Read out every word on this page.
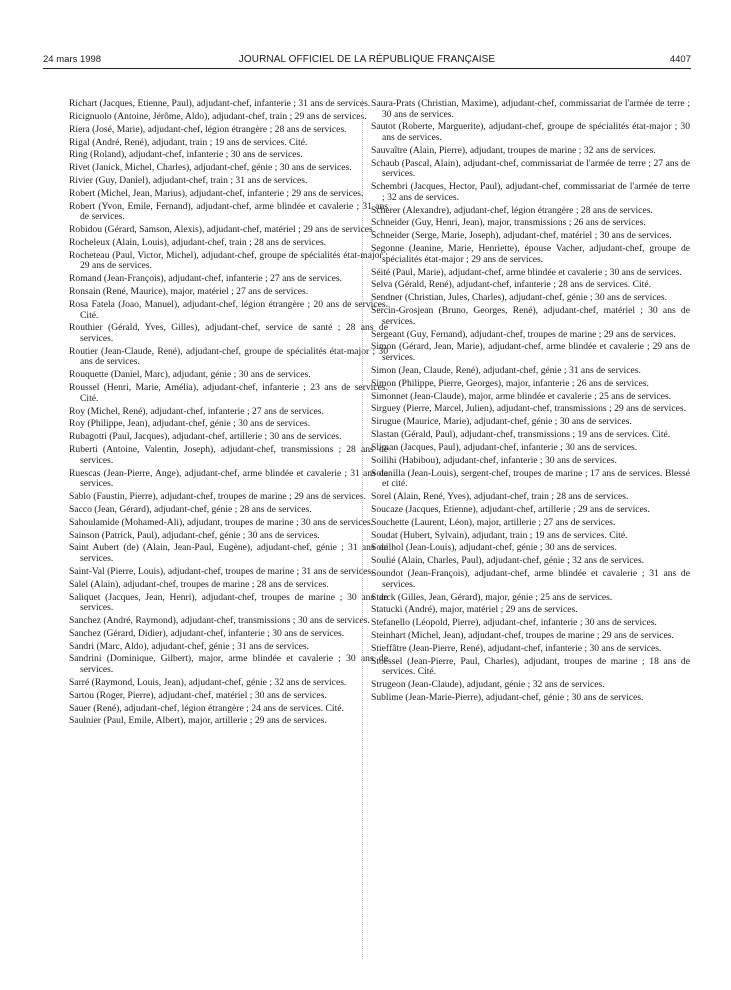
24 mars 1998	JOURNAL OFFICIEL DE LA RÉPUBLIQUE FRANÇAISE	4407

Richart (Jacques, Etienne, Paul), adjudant-chef, infanterie ; 31 ans de services.

Ricignuolo (Antoine, Jérôme, Aldo), adjudant-chef, train ; 29 ans de services.

Riera (José, Marie), adjudant-chef, légion étrangère ; 28 ans de services.

Rigal (André, René), adjudant, train ; 19 ans de services. Cité.

Ring (Roland), adjudant-chef, infanterie ; 30 ans de services.

Rivet (Janick, Michel, Charles), adjudant-chef, génie ; 30 ans de services.

Rivier (Guy, Daniel), adjudant-chef, train ; 31 ans de services.

Robert (Michel, Jean, Marius), adjudant-chef, infanterie ; 29 ans de services.

Robert (Yvon, Emile, Fernand), adjudant-chef, arme blindée et cavalerie ; 31 ans de services.

Robidou (Gérard, Samson, Alexis), adjudant-chef, matériel ; 29 ans de services.

Rocheleux (Alain, Louis), adjudant-chef, train ; 28 ans de services.

Rocheteau (Paul, Victor, Michel), adjudant-chef, groupe de spécialités état-major ; 29 ans de services.

Romand (Jean-François), adjudant-chef, infanterie ; 27 ans de services.

Ronsain (René, Maurice), major, matériel ; 27 ans de services.

Rosa Fatela (Joao, Manuel), adjudant-chef, légion étrangère ; 20 ans de services. Cité.

Routhier (Gérald, Yves, Gilles), adjudant-chef, service de santé ; 28 ans de services.

Routier (Jean-Claude, René), adjudant-chef, groupe de spécialités état-major ; 30 ans de services.

Rouquette (Daniel, Marc), adjudant, génie ; 30 ans de services.

Roussel (Henri, Marie, Amélia), adjudant-chef, infanterie ; 23 ans de services. Cité.

Roy (Michel, René), adjudant-chef, infanterie ; 27 ans de services.

Roy (Philippe, Jean), adjudant-chef, génie ; 30 ans de services.

Rubagotti (Paul, Jacques), adjudant-chef, artillerie ; 30 ans de services.

Ruberti (Antoine, Valentin, Joseph), adjudant-chef, transmissions ; 28 ans de services.

Ruescas (Jean-Pierre, Ange), adjudant-chef, arme blindée et cavalerie ; 31 ans de services.

Sablo (Faustin, Pierre), adjudant-chef, troupes de marine ; 29 ans de services.

Sacco (Jean, Gérard), adjudant-chef, génie ; 28 ans de services.

Sahoulamide (Mohamed-Ali), adjudant, troupes de marine ; 30 ans de services.

Sainson (Patrick, Paul), adjudant-chef, génie ; 30 ans de services.

Saint Aubert (de) (Alain, Jean-Paul, Eugène), adjudant-chef, génie ; 31 ans de services.

Saint-Val (Pierre, Louis), adjudant-chef, troupes de marine ; 31 ans de services.

Salel (Alain), adjudant-chef, troupes de marine ; 28 ans de services.

Saliquet (Jacques, Jean, Henri), adjudant-chef, troupes de marine ; 30 ans de services.

Sanchez (André, Raymond), adjudant-chef, transmissions ; 30 ans de services.

Sanchez (Gérard, Didier), adjudant-chef, infanterie ; 30 ans de services.

Sandri (Marc, Aldo), adjudant-chef, génie ; 31 ans de services.

Sandrini (Dominique, Gilbert), major, arme blindée et cavalerie ; 30 ans de services.

Sarré (Raymond, Louis, Jean), adjudant-chef, génie ; 32 ans de services.

Sartou (Roger, Pierre), adjudant-chef, matériel ; 30 ans de services.

Sauer (René), adjudant-chef, légion étrangère ; 24 ans de services. Cité.

Saulnier (Paul, Emile, Albert), major, artillerie ; 29 ans de services.

Saura-Prats (Christian, Maxime), adjudant-chef, commissariat de l'armée de terre ; 30 ans de services.

Sautot (Roberte, Marguerite), adjudant-chef, groupe de spécialités état-major ; 30 ans de services.

Sauvaître (Alain, Pierre), adjudant, troupes de marine ; 32 ans de services.

Schaub (Pascal, Alain), adjudant-chef, commissariat de l'armée de terre ; 27 ans de services.

Schembri (Jacques, Hector, Paul), adjudant-chef, commissariat de l'armée de terre ; 32 ans de services.

Scherer (Alexandre), adjudant-chef, légion étrangère ; 28 ans de services.

Schneider (Guy, Henri, Jean), major, transmissions ; 26 ans de services.

Schneider (Serge, Marie, Joseph), adjudant-chef, matériel ; 30 ans de services.

Segonne (Jeanine, Marie, Henriette), épouse Vacher, adjudant-chef, groupe de spécialités état-major ; 29 ans de services.

Séité (Paul, Marie), adjudant-chef, arme blindée et cavalerie ; 30 ans de services.

Selva (Gérald, René), adjudant-chef, infanterie ; 28 ans de services. Cité.

Sendner (Christian, Jules, Charles), adjudant-chef, génie ; 30 ans de services.

Sercin-Grosjean (Bruno, Georges, René), adjudant-chef, matériel ; 30 ans de services.

Sergeant (Guy, Fernand), adjudant-chef, troupes de marine ; 29 ans de services.

Simon (Gérard, Jean, Marie), adjudant-chef, arme blindée et cavalerie ; 29 ans de services.

Simon (Jean, Claude, René), adjudant-chef, génie ; 31 ans de services.

Simon (Philippe, Pierre, Georges), major, infanterie ; 26 ans de services.

Simonnet (Jean-Claude), major, arme blindée et cavalerie ; 25 ans de services.

Sirguey (Pierre, Marcel, Julien), adjudant-chef, transmissions ; 29 ans de services.

Sirugue (Maurice, Marie), adjudant-chef, génie ; 30 ans de services.

Slastan (Gérald, Paul), adjudant-chef, transmissions ; 19 ans de services. Cité.

Sliman (Jacques, Paul), adjudant-chef, infanterie ; 30 ans de services.

Soilihi (Habibou), adjudant-chef, infanterie ; 30 ans de services.

Solanilla (Jean-Louis), sergent-chef, troupes de marine ; 17 ans de services. Blessé et cité.

Sorel (Alain, René, Yves), adjudant-chef, train ; 28 ans de services.

Soucaze (Jacques, Etienne), adjudant-chef, artillerie ; 29 ans de services.

Souchette (Laurent, Léon), major, artillerie ; 27 ans de services.

Soudat (Hubert, Sylvain), adjudant, train ; 19 ans de services. Cité.

Souilhol (Jean-Louis), adjudant-chef, génie ; 30 ans de services.

Soulié (Alain, Charles, Paul), adjudant-chef, génie ; 32 ans de services.

Soundot (Jean-François), adjudant-chef, arme blindée et cavalerie ; 31 ans de services.

Starck (Gilles, Jean, Gérard), major, génie ; 25 ans de services.

Statucki (André), major, matériel ; 29 ans de services.

Stefanello (Léopold, Pierre), adjudant-chef, infanterie ; 30 ans de services.

Steinhart (Michel, Jean), adjudant-chef, troupes de marine ; 29 ans de services.

Stieffâtre (Jean-Pierre, René), adjudant-chef, infanterie ; 30 ans de services.

Stoessel (Jean-Pierre, Paul, Charles), adjudant, troupes de marine ; 18 ans de services. Cité.

Strugeon (Jean-Claude), adjudant, génie ; 32 ans de services.

Sublime (Jean-Marie-Pierre), adjudant-chef, génie ; 30 ans de services.
